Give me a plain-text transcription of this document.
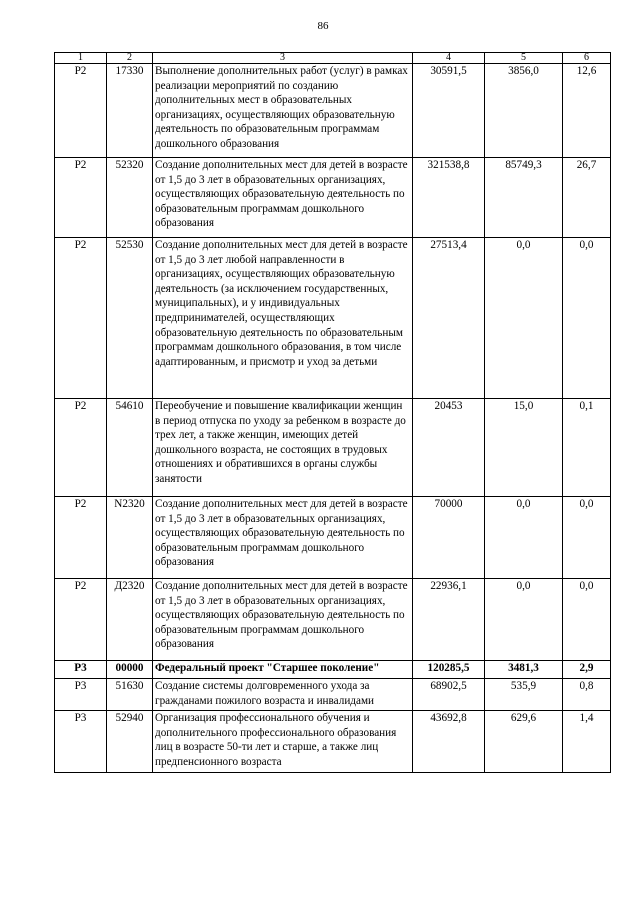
86
1	2	3	4	5	6
Р2	17330	Выполнение дополнительных работ (услуг) в рамках реализации мероприятий по созданию дополнительных мест в образовательных организациях, осуществляющих образовательную деятельность по образовательным программам дошкольного образования	30591,5	3856,0	12,6
Р2	52320	Создание дополнительных мест для детей в возрасте от 1,5 до 3 лет в образовательных организациях, осуществляющих образовательную деятельность по образовательным программам дошкольного образования	321538,8	85749,3	26,7
Р2	52530	Создание дополнительных мест для детей в возрасте от 1,5 до 3 лет любой направленности в организациях, осуществляющих образовательную деятельность (за исключением государственных, муниципальных), и у индивидуальных предпринимателей, осуществляющих образовательную деятельность по образовательным программам дошкольного образования, в том числе адаптированным, и присмотр и уход за детьми	27513,4	0,0	0,0
Р2	54610	Переобучение и повышение квалификации женщин в период отпуска по уходу за ребенком в возрасте до трех лет, а также женщин, имеющих детей дошкольного возраста, не состоящих в трудовых отношениях и обратившихся в органы службы занятости	20453	15,0	0,1
Р2	N2320	Создание дополнительных мест для детей в возрасте от 1,5 до 3 лет в образовательных организациях, осуществляющих образовательную деятельность по образовательным программам дошкольного образования	70000	0,0	0,0
Р2	Д2320	Создание дополнительных мест для детей в возрасте от 1,5 до 3 лет в образовательных организациях, осуществляющих образовательную деятельность по образовательным программам дошкольного образования	22936,1	0,0	0,0
Р3	00000	Федеральный проект "Старшее поколение"	120285,5	3481,3	2,9
Р3	51630	Создание системы долговременного ухода за гражданами пожилого возраста и инвалидами	68902,5	535,9	0,8
Р3	52940	Организация профессионального обучения и дополнительного профессионального образования лиц в возрасте 50-ти лет и старше, а также лиц предпенсионного возраста	43692,8	629,6	1,4
